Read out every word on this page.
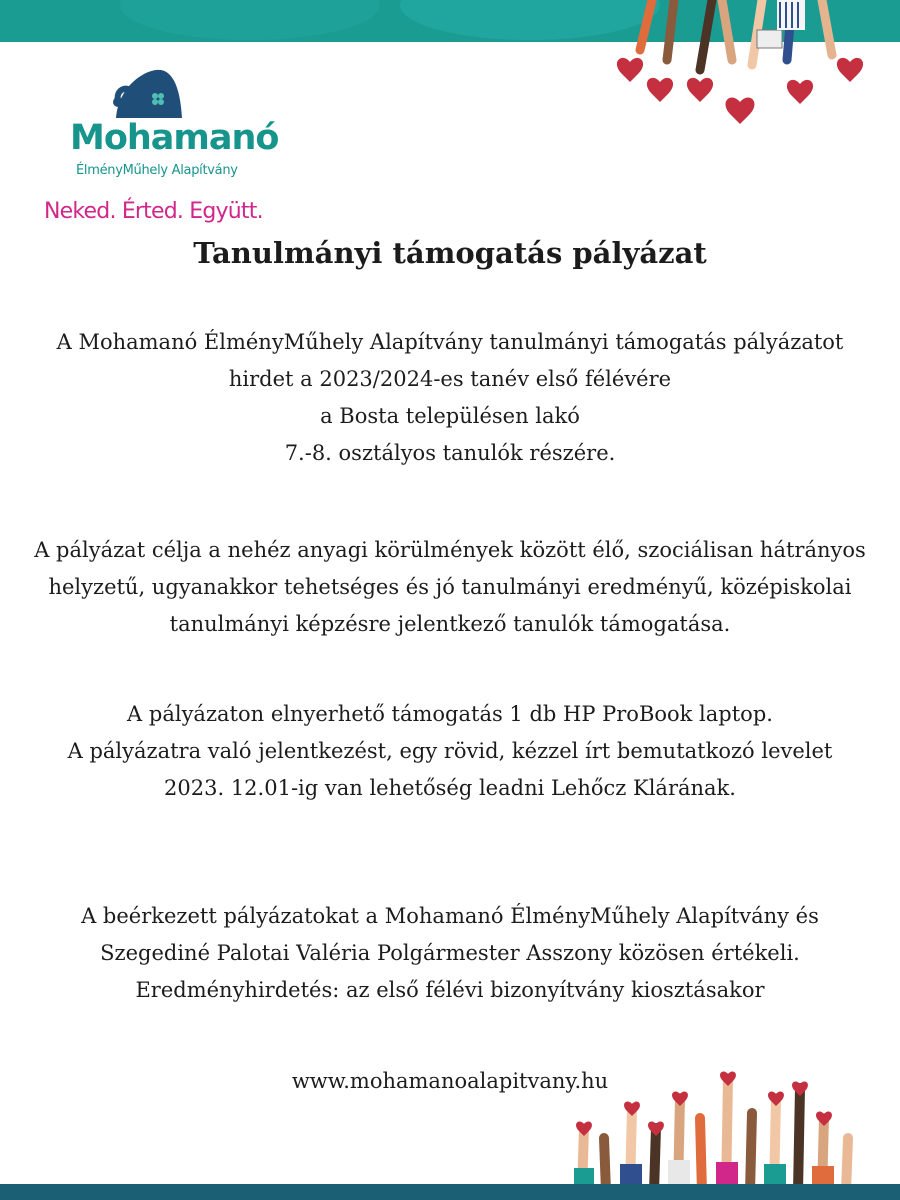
Mohamanó
ÉlményMűhely Alapítvány
Neked. Érted. Együtt.
Tanulmányi támogatás pályázat
A Mohamanó ÉlményMűhely Alapítvány tanulmányi támogatás pályázatot
hirdet a 2023/2024-es tanév első félévére
a Bosta településen lakó
7.-8. osztályos tanulók részére.
A pályázat célja a nehéz anyagi körülmények között élő, szociálisan hátrányos
helyzetű, ugyanakkor tehetséges és jó tanulmányi eredményű, középiskolai
tanulmányi képzésre jelentkező tanulók támogatása.
A pályázaton elnyerhető támogatás 1 db HP ProBook laptop.
A pályázatra való jelentkezést, egy rövid, kézzel írt bemutatkozó levelet
2023. 12.01-ig van lehetőség leadni Lehőcz Klárának.
A beérkezett pályázatokat a Mohamanó ÉlményMűhely Alapítvány és
Szegediné Palotai Valéria Polgármester Asszony közösen értékeli.
Eredményhirdetés: az első félévi bizonyítvány kiosztásakor
www.mohamanoalapitvany.hu
